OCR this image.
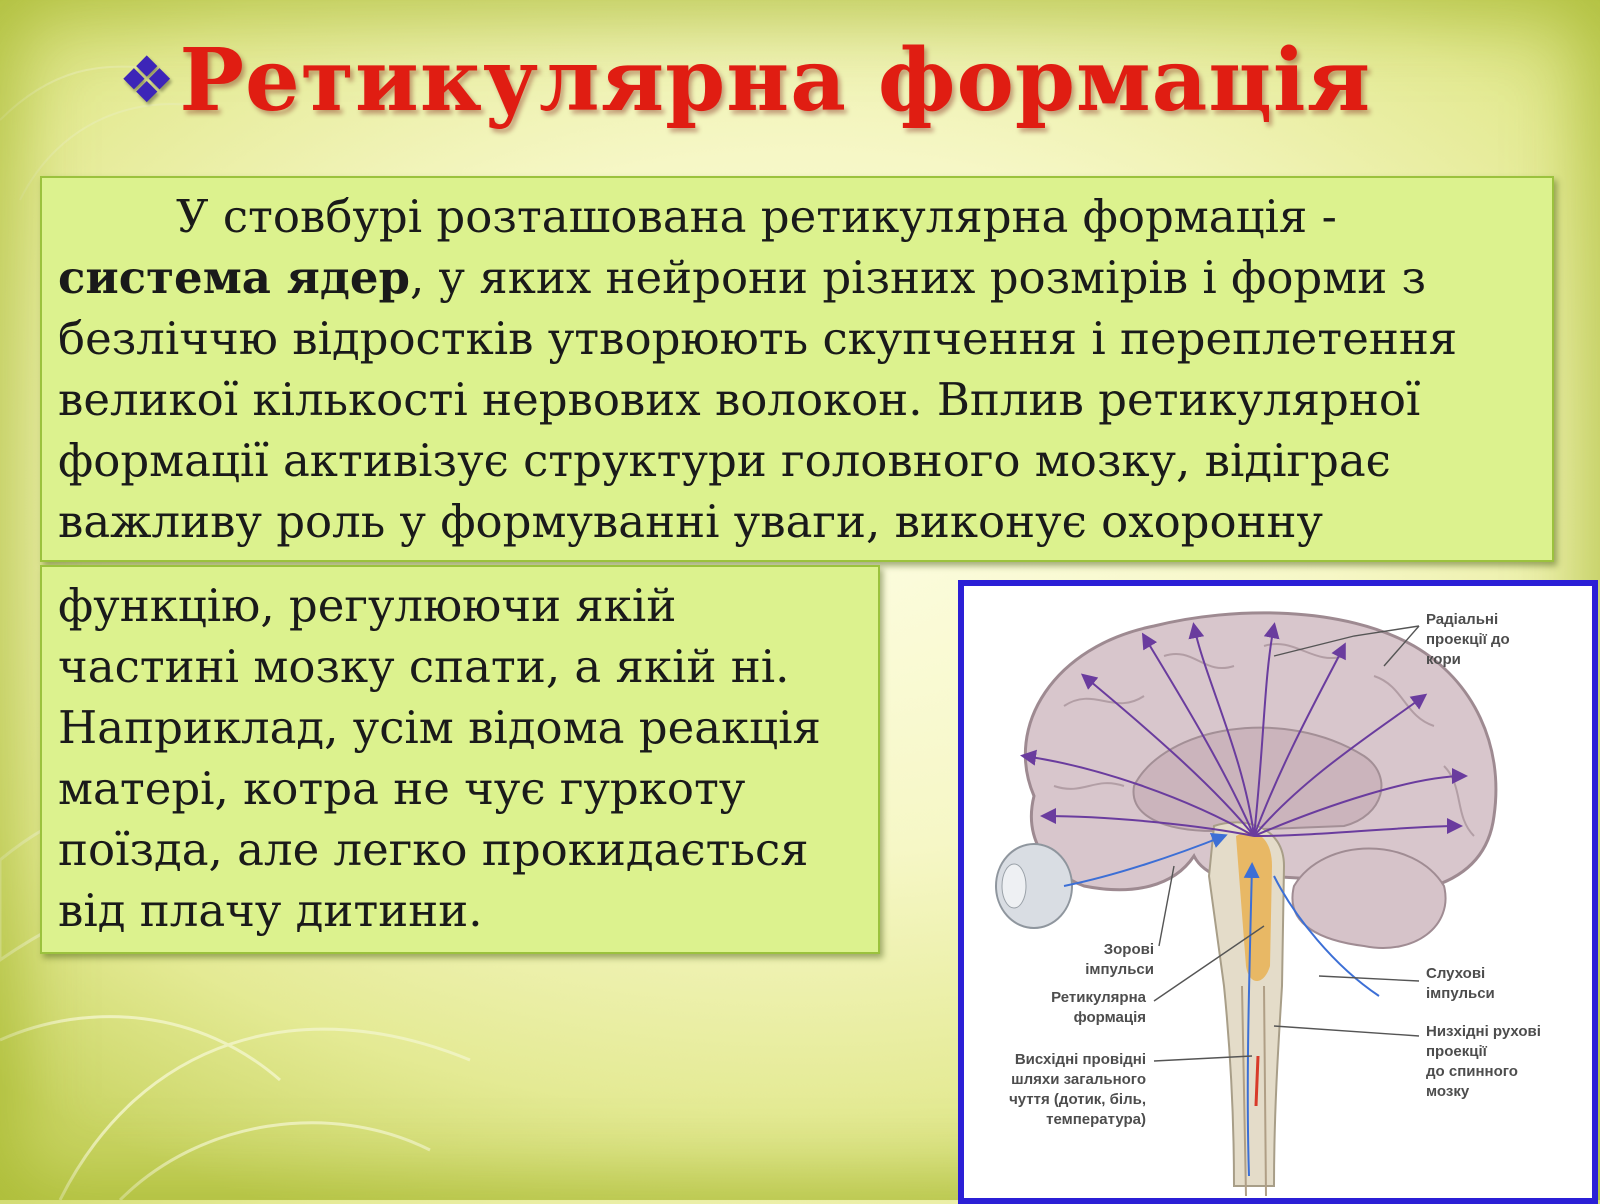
❖ Ретикулярна формація

У стовбурі розташована ретикулярна формація - система ядер, у яких нейрони різних розмірів і форми з безліччю відростків утворюють скупчення і переплетення великої кількості нервових волокон. Вплив ретикулярної формації активізує структури головного мозку, відіграє важливу роль у формуванні уваги, виконує охоронну

функцію, регулюючи якій частині мозку спати, а якій ні. Наприклад, усім відома реакція матері, котра не чує гуркоту поїзда, але легко прокидається від плачу дитини.

Радіальні
проекції до
кори
Зорові
імпульси
Ретикулярна
формація
Висхідні провідні
шляхи загального
чуття (дотик, біль,
температура)
Слухові
імпульси
Низхідні рухові
проекції
до спинного
мозку
